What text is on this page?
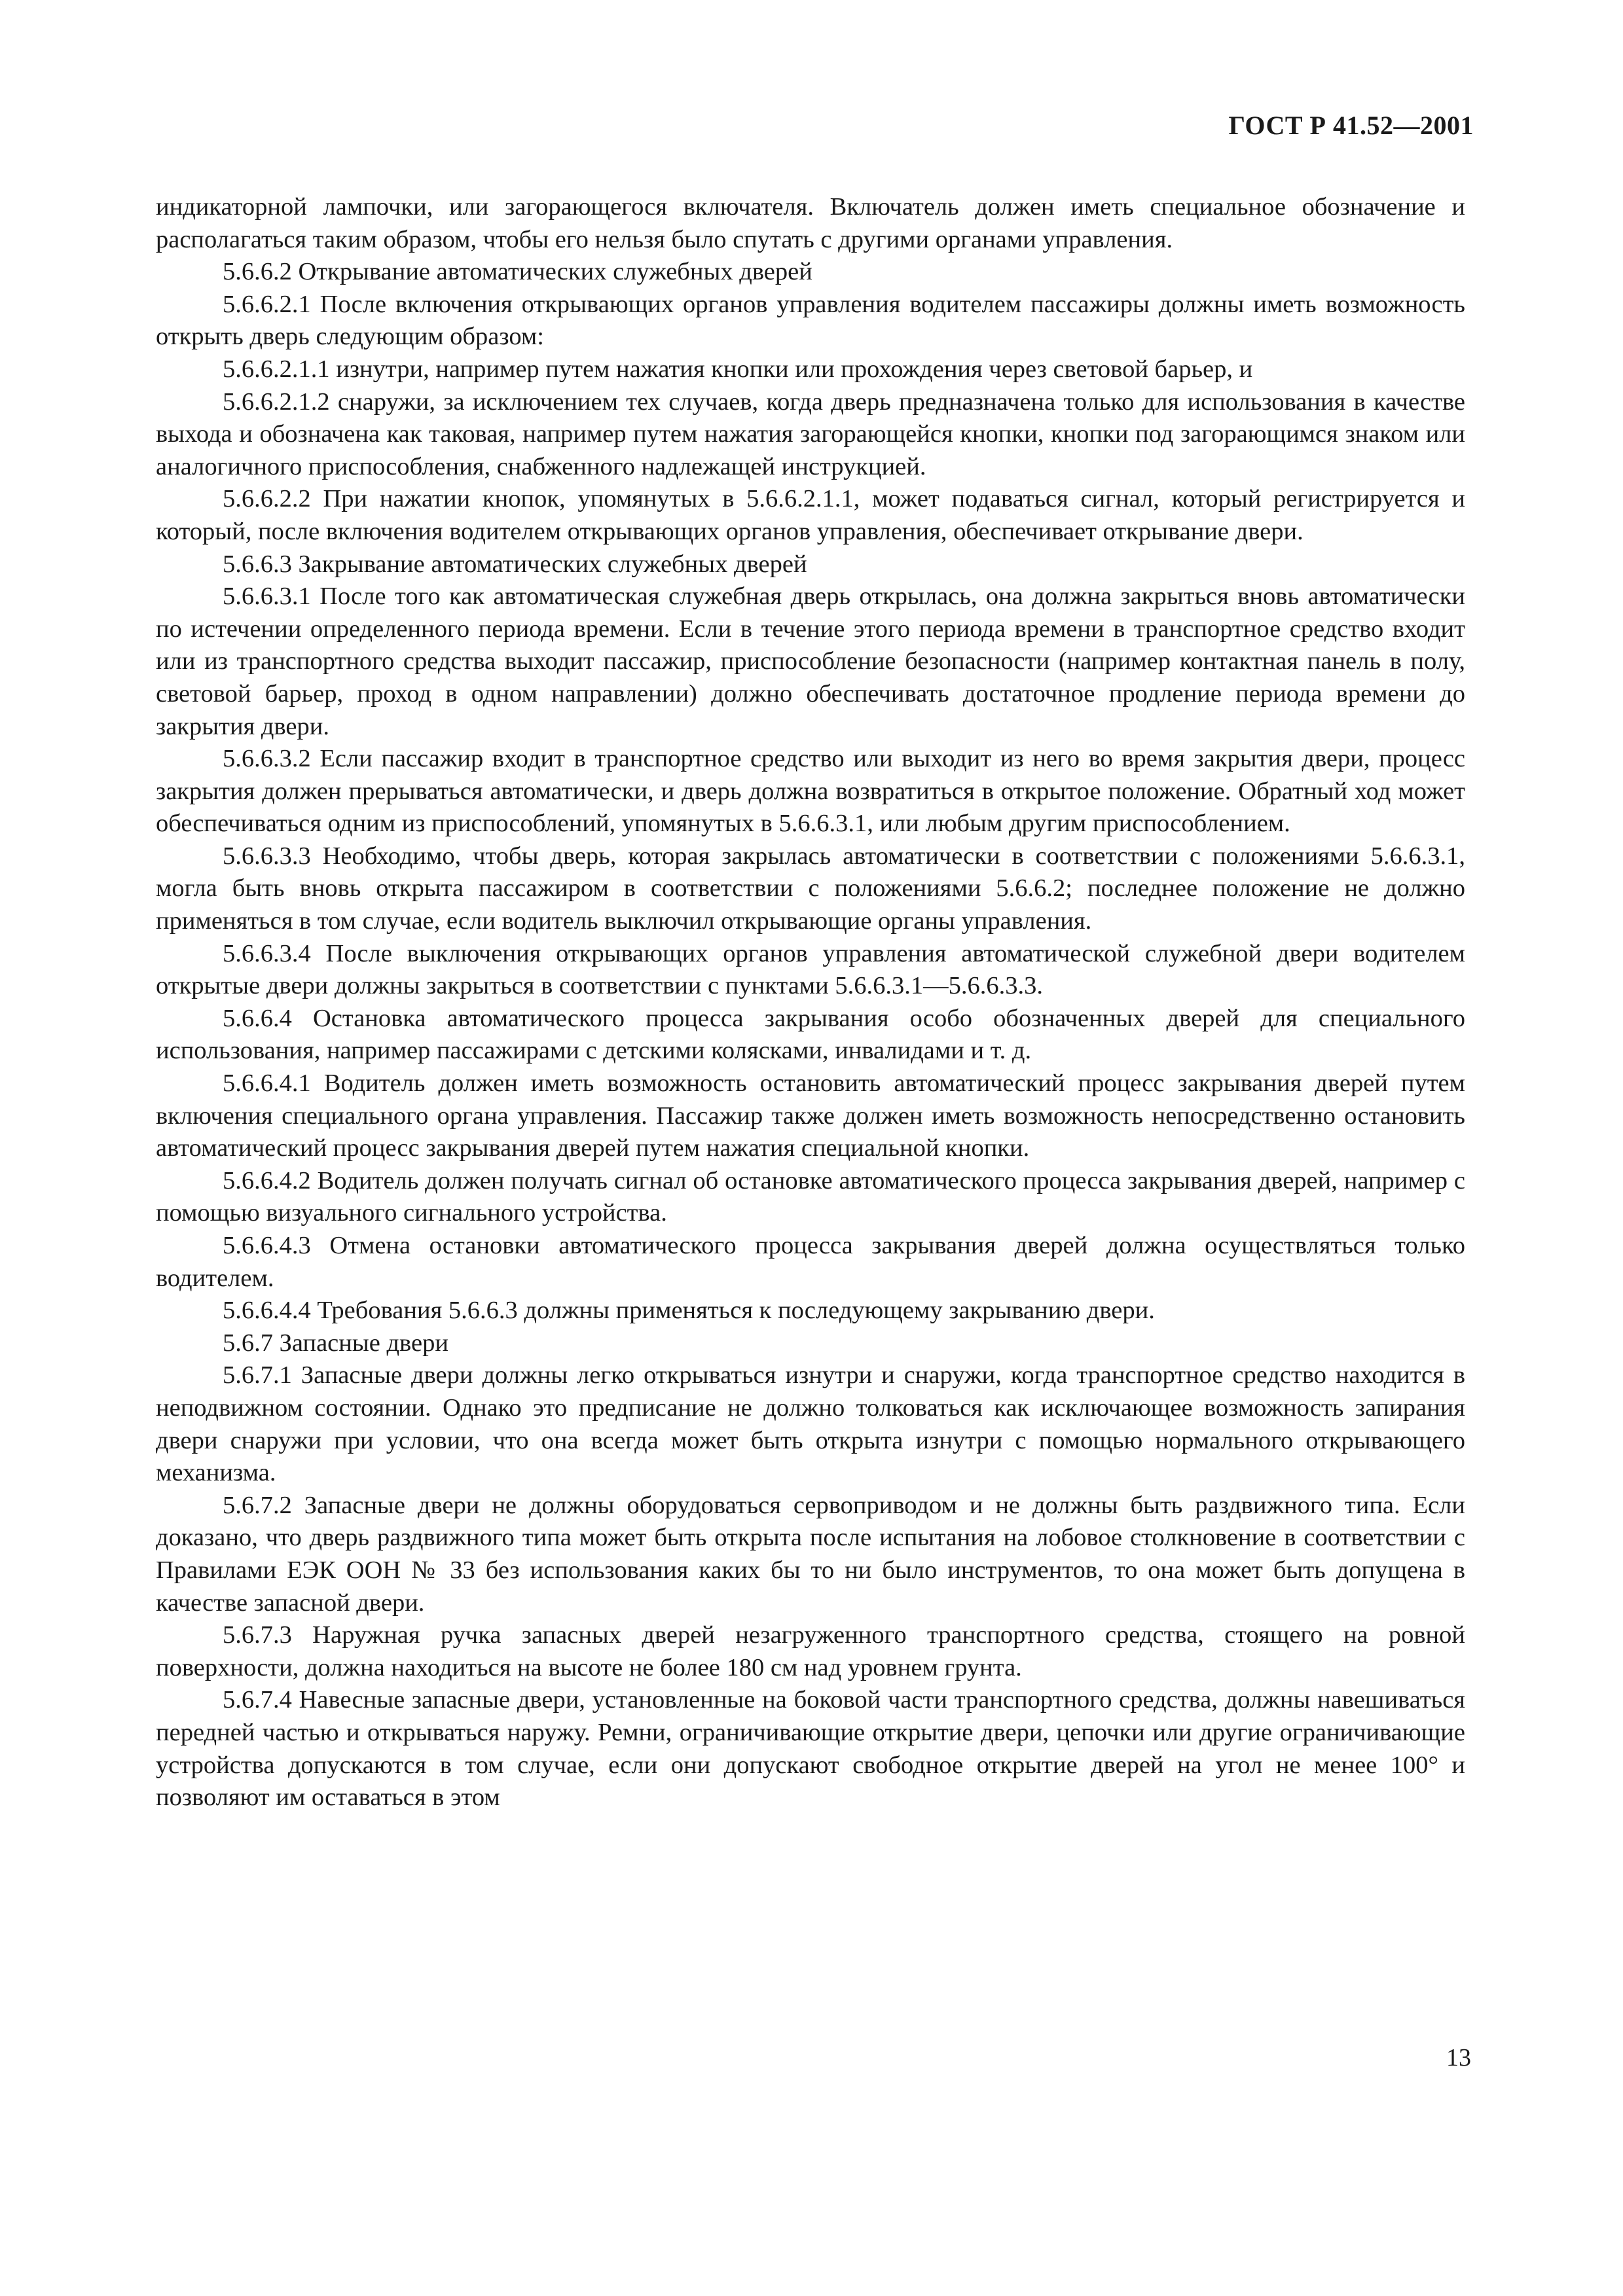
ГОСТ Р 41.52—2001

индикаторной лампочки, или загорающегося включателя. Включатель должен иметь специальное обозначение и располагаться таким образом, чтобы его нельзя было спутать с другими органами управления.

5.6.6.2 Открывание автоматических служебных дверей

5.6.6.2.1 После включения открывающих органов управления водителем пассажиры должны иметь возможность открыть дверь следующим образом:

5.6.6.2.1.1 изнутри, например путем нажатия кнопки или прохождения через световой барьер, и

5.6.6.2.1.2 снаружи, за исключением тех случаев, когда дверь предназначена только для использования в качестве выхода и обозначена как таковая, например путем нажатия загорающейся кнопки, кнопки под загорающимся знаком или аналогичного приспособления, снабженного надлежащей инструкцией.

5.6.6.2.2 При нажатии кнопок, упомянутых в 5.6.6.2.1.1, может подаваться сигнал, который регистрируется и который, после включения водителем открывающих органов управления, обеспечивает открывание двери.

5.6.6.3 Закрывание автоматических служебных дверей

5.6.6.3.1 После того как автоматическая служебная дверь открылась, она должна закрыться вновь автоматически по истечении определенного периода времени. Если в течение этого периода времени в транспортное средство входит или из транспортного средства выходит пассажир, приспособление безопасности (например контактная панель в полу, световой барьер, проход в одном направлении) должно обеспечивать достаточное продление периода времени до закрытия двери.

5.6.6.3.2 Если пассажир входит в транспортное средство или выходит из него во время закрытия двери, процесс закрытия должен прерываться автоматически, и дверь должна возвратиться в открытое положение. Обратный ход может обеспечиваться одним из приспособлений, упомянутых в 5.6.6.3.1, или любым другим приспособлением.

5.6.6.3.3 Необходимо, чтобы дверь, которая закрылась автоматически в соответствии с положениями 5.6.6.3.1, могла быть вновь открыта пассажиром в соответствии с положениями 5.6.6.2; последнее положение не должно применяться в том случае, если водитель выключил открывающие органы управления.

5.6.6.3.4 После выключения открывающих органов управления автоматической служебной двери водителем открытые двери должны закрыться в соответствии с пунктами 5.6.6.3.1—5.6.6.3.3.

5.6.6.4 Остановка автоматического процесса закрывания особо обозначенных дверей для специального использования, например пассажирами с детскими колясками, инвалидами и т. д.

5.6.6.4.1 Водитель должен иметь возможность остановить автоматический процесс закрывания дверей путем включения специального органа управления. Пассажир также должен иметь возможность непосредственно остановить автоматический процесс закрывания дверей путем нажатия специальной кнопки.

5.6.6.4.2 Водитель должен получать сигнал об остановке автоматического процесса закрывания дверей, например с помощью визуального сигнального устройства.

5.6.6.4.3 Отмена остановки автоматического процесса закрывания дверей должна осуществляться только водителем.

5.6.6.4.4 Требования 5.6.6.3 должны применяться к последующему закрыванию двери.

5.6.7 Запасные двери

5.6.7.1 Запасные двери должны легко открываться изнутри и снаружи, когда транспортное средство находится в неподвижном состоянии. Однако это предписание не должно толковаться как исключающее возможность запирания двери снаружи при условии, что она всегда может быть открыта изнутри с помощью нормального открывающего механизма.

5.6.7.2 Запасные двери не должны оборудоваться сервоприводом и не должны быть раздвижного типа. Если доказано, что дверь раздвижного типа может быть открыта после испытания на лобовое столкновение в соответствии с Правилами ЕЭК ООН № 33 без использования каких бы то ни было инструментов, то она может быть допущена в качестве запасной двери.

5.6.7.3 Наружная ручка запасных дверей незагруженного транспортного средства, стоящего на ровной поверхности, должна находиться на высоте не более 180 см над уровнем грунта.

5.6.7.4 Навесные запасные двери, установленные на боковой части транспортного средства, должны навешиваться передней частью и открываться наружу. Ремни, ограничивающие открытие двери, цепочки или другие ограничивающие устройства допускаются в том случае, если они допускают свободное открытие дверей на угол не менее 100° и позволяют им оставаться в этом

13
